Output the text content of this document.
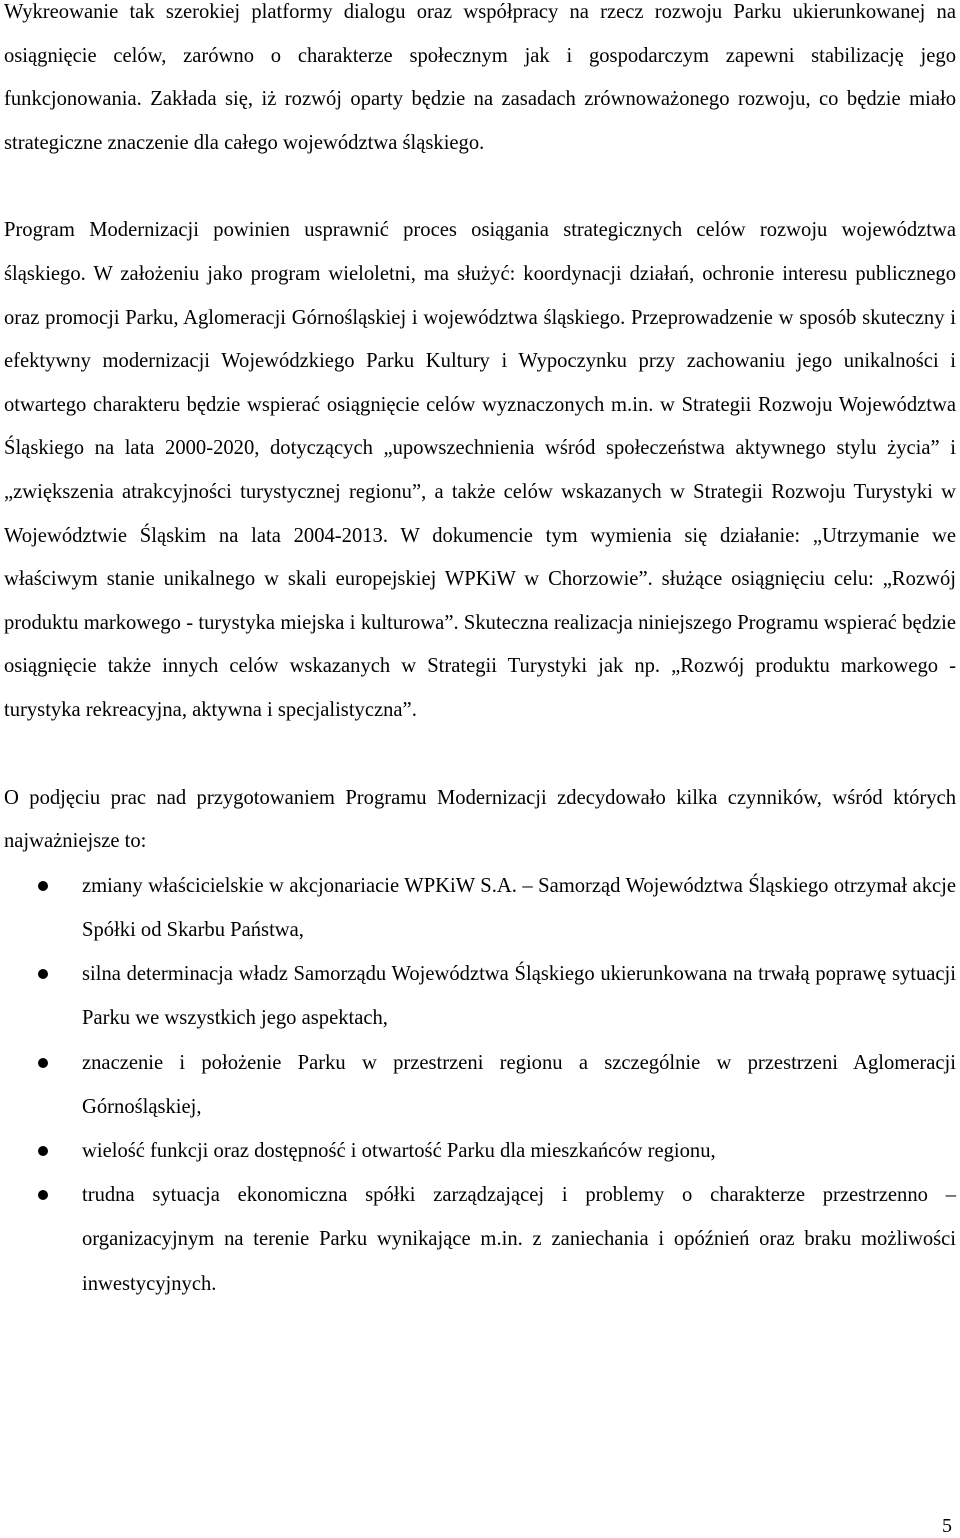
Wykreowanie tak szerokiej platformy dialogu oraz współpracy na rzecz rozwoju Parku ukierunkowanej na osiągnięcie celów, zarówno o charakterze społecznym jak i gospodarczym zapewni stabilizację jego funkcjonowania. Zakłada się, iż rozwój oparty będzie na zasadach zrównoważonego rozwoju, co będzie miało strategiczne znaczenie dla całego województwa śląskiego.

Program Modernizacji powinien usprawnić proces osiągania strategicznych celów rozwoju województwa śląskiego. W założeniu jako program wieloletni, ma służyć: koordynacji działań, ochronie interesu publicznego oraz promocji Parku, Aglomeracji Górnośląskiej i województwa śląskiego. Przeprowadzenie w sposób skuteczny i efektywny modernizacji Wojewódzkiego Parku Kultury i Wypoczynku przy zachowaniu jego unikalności i otwartego charakteru będzie wspierać osiągnięcie celów wyznaczonych m.in. w Strategii Rozwoju Województwa Śląskiego na lata 2000-2020, dotyczących „upowszechnienia wśród społeczeństwa aktywnego stylu życia” i „zwiększenia atrakcyjności turystycznej regionu”, a także celów wskazanych w Strategii Rozwoju Turystyki w Województwie Śląskim na lata 2004-2013. W dokumencie tym wymienia się działanie: „Utrzymanie we właściwym stanie unikalnego w skali europejskiej WPKiW w Chorzowie”. służące osiągnięciu celu: „Rozwój produktu markowego - turystyka miejska i kulturowa”. Skuteczna realizacja niniejszego Programu wspierać będzie osiągnięcie także innych celów wskazanych w Strategii Turystyki jak np. „Rozwój produktu markowego - turystyka rekreacyjna, aktywna i specjalistyczna”.

O podjęciu prac nad przygotowaniem Programu Modernizacji zdecydowało kilka czynników, wśród których najważniejsze to:

zmiany właścicielskie w akcjonariacie WPKiW S.A. – Samorząd Województwa Śląskiego otrzymał akcje Spółki od Skarbu Państwa,
silna determinacja władz Samorządu Województwa Śląskiego ukierunkowana na trwałą poprawę sytuacji Parku we wszystkich jego aspektach,
znaczenie i położenie Parku w przestrzeni regionu a szczególnie w przestrzeni Aglomeracji Górnośląskiej,
wielość funkcji oraz dostępność i otwartość Parku dla mieszkańców regionu,
trudna sytuacja ekonomiczna spółki zarządzającej i problemy o charakterze przestrzenno –organizacyjnym na terenie Parku wynikające m.in. z zaniechania i opóźnień oraz braku możliwości inwestycyjnych.
5
